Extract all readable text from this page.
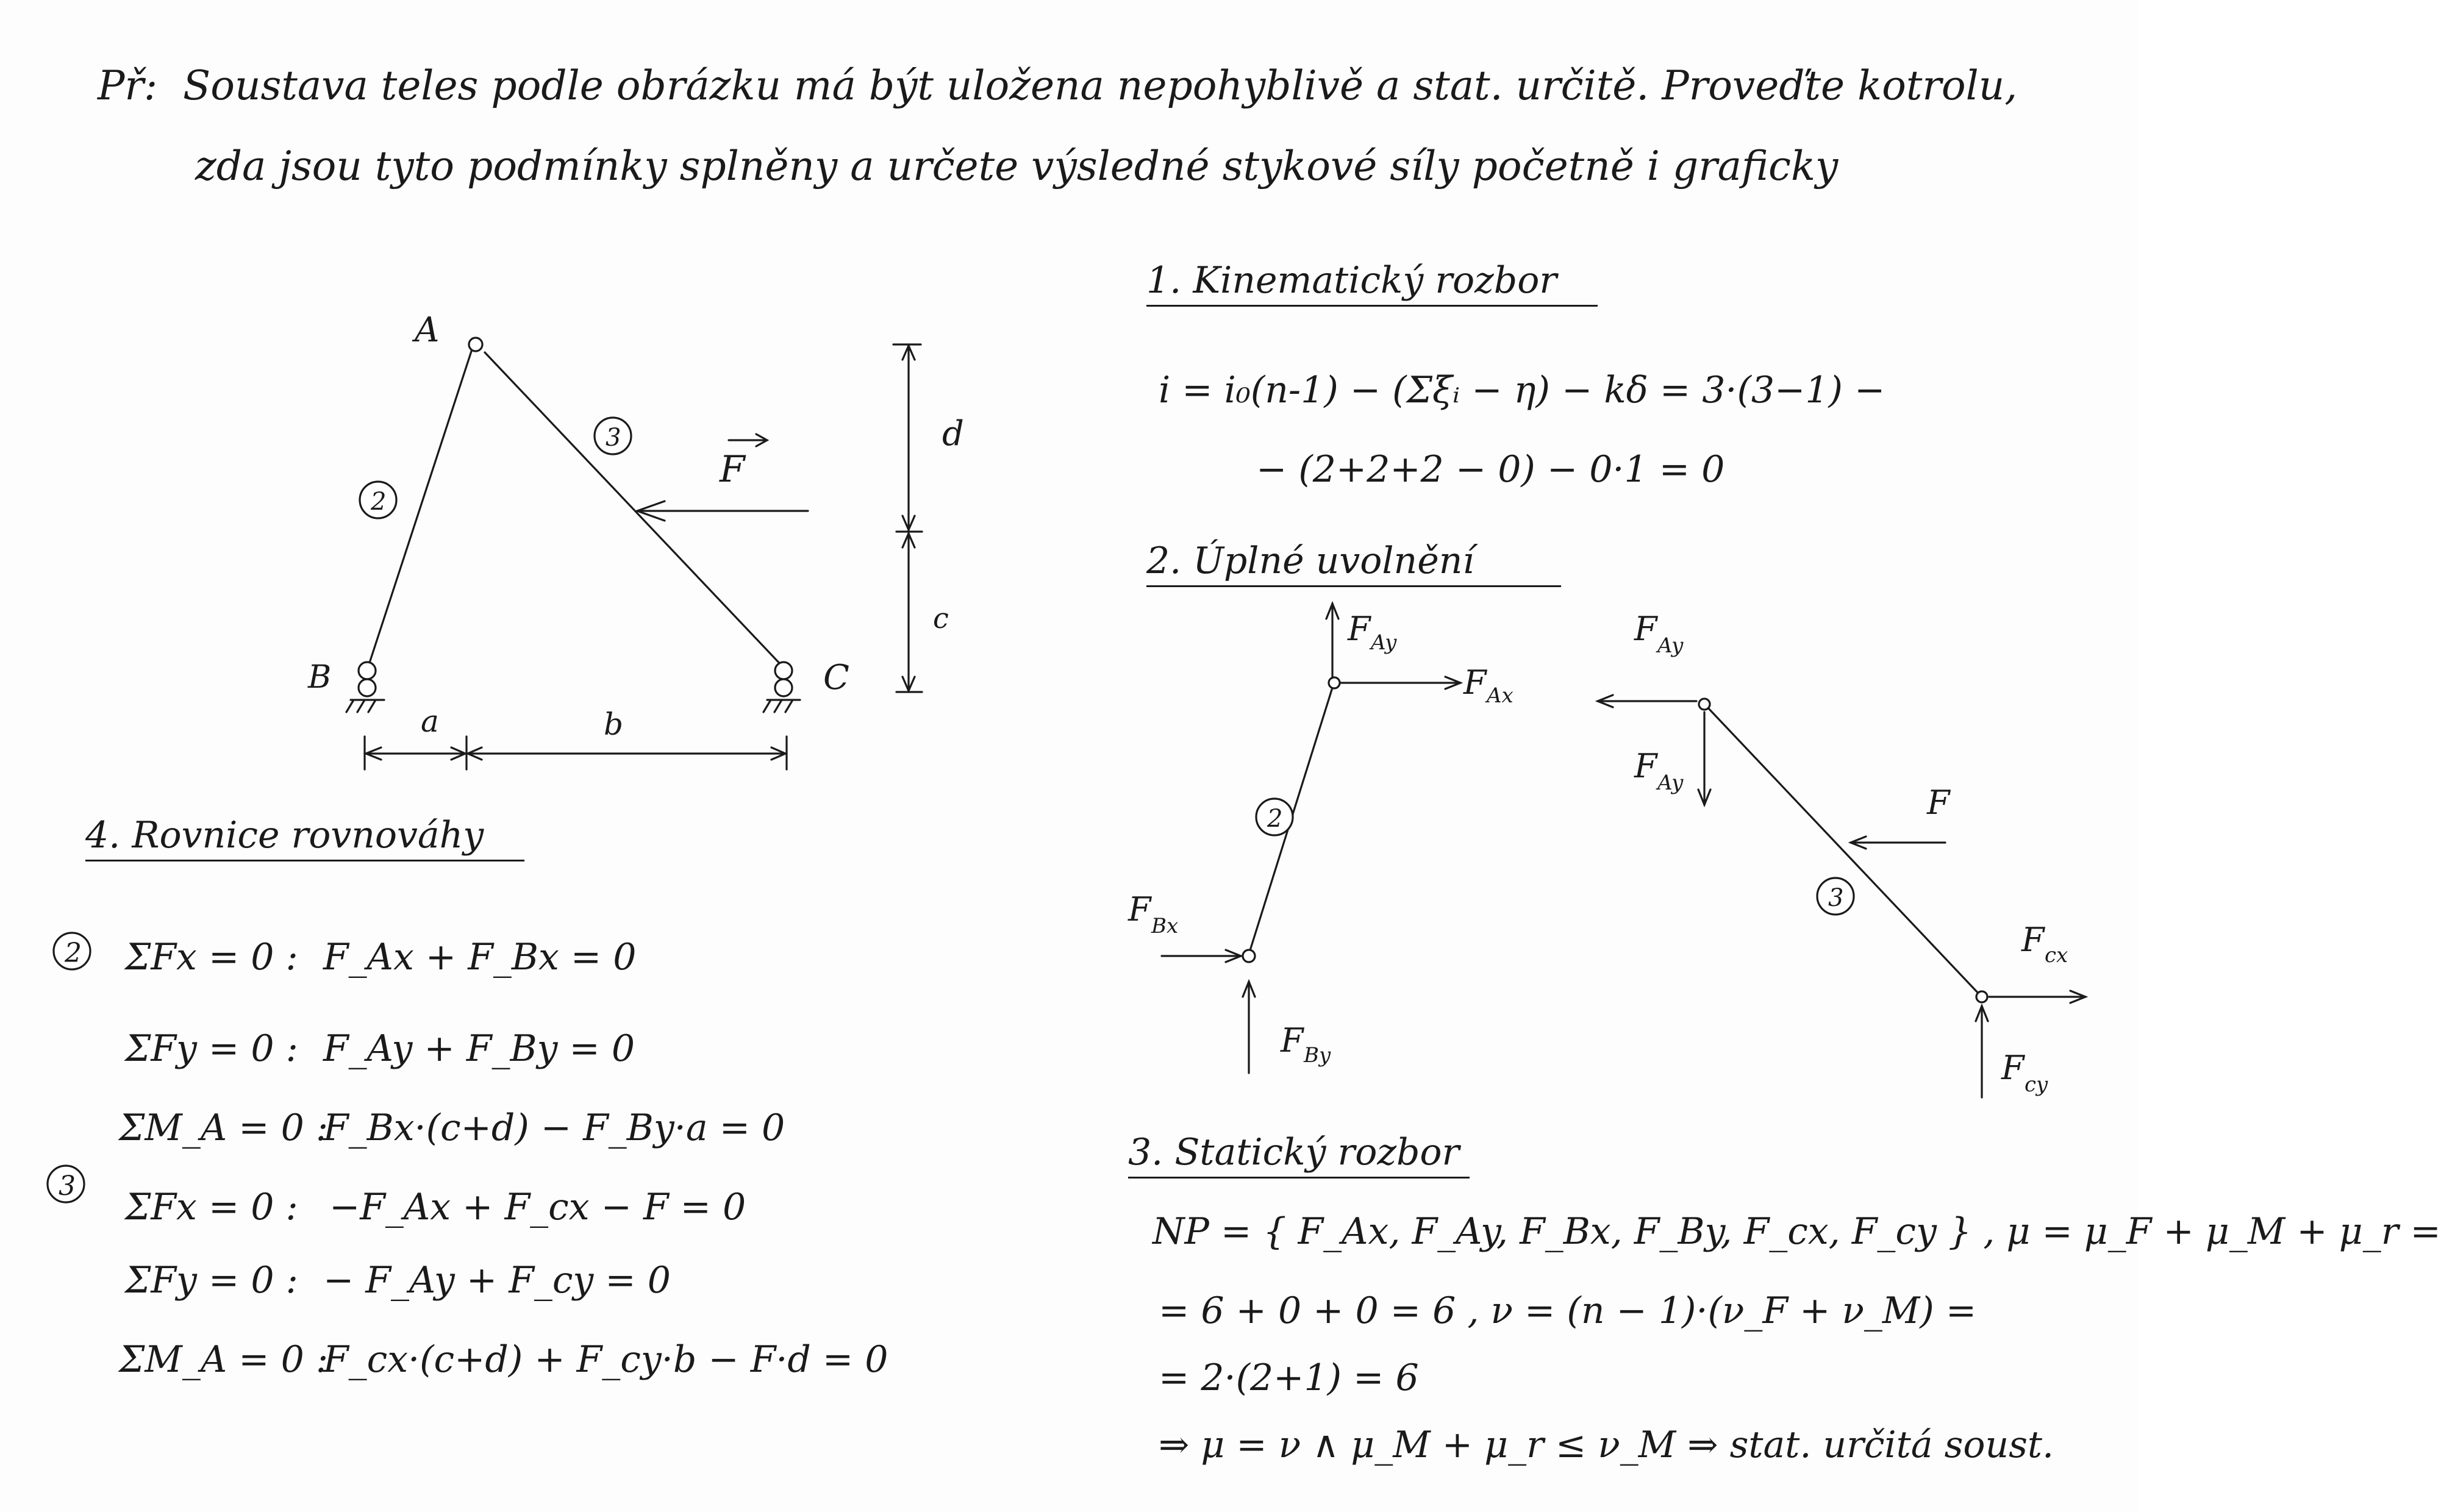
Př: Soustava teles podle obrázku má být uložena nepohyblivě a stat. určitě. Proveďte kotrolu,
zda jsou tyto podmínky splněny a určete výsledné stykové síly početně i graficky
1. Kinematický rozbor
i = i₀(n-1) − (Σξᵢ − η) − kδ = 3·(3−1) −
− (2+2+2 − 0) − 0·1 = 0
2. Úplné uvolnění
3. Statický rozbor
NP = { F_Ax, F_Ay, F_Bx, F_By, F_cx, F_cy } , μ = μ_F + μ_M + μ_r =
= 6 + 0 + 0 = 6 , ν = (n − 1)·(ν_F + ν_M) =
= 2·(2+1) = 6
⇒ μ = ν ∧ μ_M + μ_r ≤ ν_M ⇒ stat. určitá soust.
4. Rovnice rovnováhy
ΣFx = 0 : F_Ax + F_Bx = 0
ΣFy = 0 : F_Ay + F_By = 0
ΣM_A = 0 :
F_Bx·(c+d) − F_By·a = 0
ΣFx = 0 : −F_Ax + F_cx − F = 0
ΣFy = 0 : − F_Ay + F_cy = 0
ΣM_A = 0 :
F_cx·(c+d) + F_cy·b − F·d = 0
2
3
A
B	C
2
3
F
a	b
d
c	F Ay
F Ax
2
F Bx
F By
F Ay
F Ay
F
3
F cx
F cy
